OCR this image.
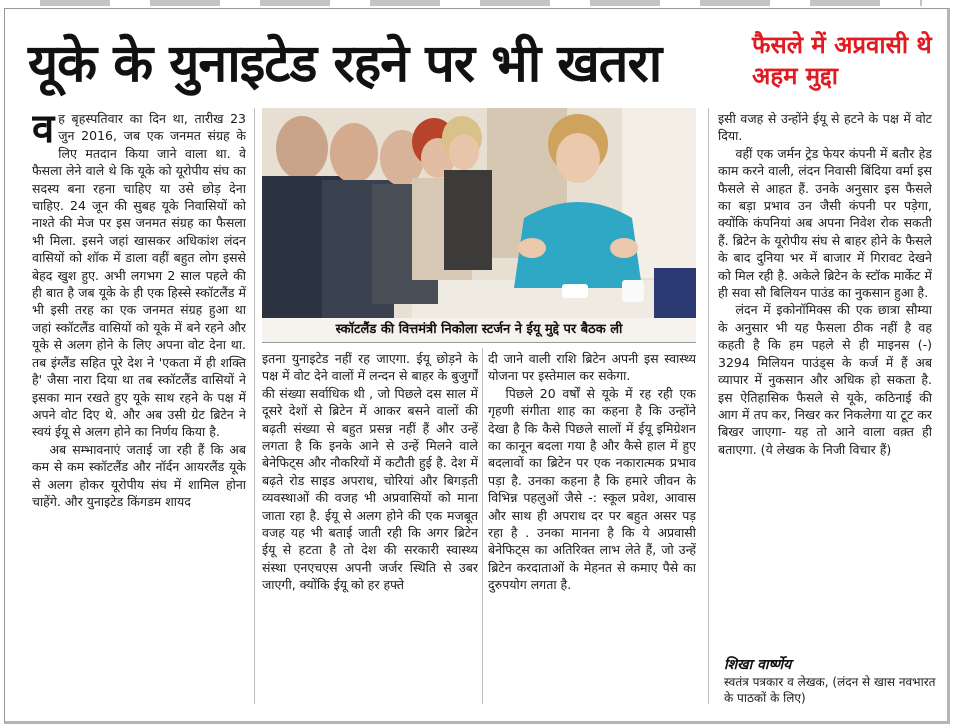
यूके के युनाइटेड रहने पर भी खतरा	फैसले में अप्रवासी थे अहम मुद्दा
स्कॉटलैंड की वित्तमंत्री निकोला स्टर्जन ने ईयू मुद्दे पर बैठक ली

वह बृहस्पतिवार का दिन था, तारीख 23 जुन 2016, जब एक जनमत संग्रह के लिए मतदान किया जाने वाला था. वे फैसला लेने वाले थे कि यूके को यूरोपीय संघ का सदस्य बना रहना चाहिए या उसे छोड़ देना चाहिए. 24 जून की सुबह यूके निवासियों को नाश्ते की मेज पर इस जनमत संग्रह का फैसला भी मिला. इसने जहां खासकर अधिकांश लंदन वासियों को शॉक में डाला वहीं बहुत लोग इससे बेहद खुश हुए. अभी लगभग 2 साल पहले की ही बात है जब यूके के ही एक हिस्से स्कॉटलैंड में भी इसी तरह का एक जनमत संग्रह हुआ था जहां स्कॉटलैंड वासियों को यूके में बने रहने और यूके से अलग होने के लिए अपना वोट देना था. तब इंग्लैंड सहित पूरे देश ने 'एकता में ही शक्ति है' जैसा नारा दिया था तब स्कॉटलैंड वासियों ने इसका मान रखते हुए यूके साथ रहने के पक्ष में अपने वोट दिए थे. और अब उसी ग्रेट ब्रिटेन ने स्वयं ईयू से अलग होने का निर्णय किया है.

अब सम्भावनाएं जताई जा रही हैं कि अब कम से कम स्कॉटलैंड और नॉर्दन आयरलैंड यूके से अलग होकर यूरोपीय संघ में शामिल होना चाहेंगे. और युनाइटेड किंगडम शायद

इतना युनाइटेड नहीं रह जाएगा. ईयू छोड़ने के पक्ष में वोट देने वालों में लन्दन से बाहर के बुजुर्गों की संख्या सर्वाधिक थी , जो पिछले दस साल में दूसरे देशों से ब्रिटेन में आकर बसने वालों की बढ़ती संख्या से बहुत प्रसन्न नहीं हैं और उन्हें लगता है कि इनके आने से उन्हें मिलने वाले बेनेफिट्स और नौकरियों में कटौती हुई है. देश में बढ़ते रोड साइड अपराध, चोरियां और बिगड़ती व्यवस्थाओं की वजह भी अप्रवासियों को माना जाता रहा है. ईयू से अलग होने की एक मजबूत वजह यह भी बताई जाती रही कि अगर ब्रिटेन ईयू से हटता है तो देश की सरकारी स्वास्थ्य संस्था एनएचएस अपनी जर्जर स्थिति से उबर जाएगी, क्योंकि ईयू को हर हफ्ते

दी जाने वाली राशि ब्रिटेन अपनी इस स्वास्थ्य योजना पर इस्तेमाल कर सकेगा.

पिछले 20 वर्षों से यूके में रह रही एक गृहणी संगीता शाह का कहना है कि उन्होंने देखा है कि कैसे पिछले सालों में ईयू इमिग्रेशन का कानून बदला गया है और कैसे हाल में हुए बदलावों का ब्रिटेन पर एक नकारात्मक प्रभाव पड़ा है. उनका कहना है कि हमारे जीवन के विभिन्न पहलुओं जैसे -: स्कूल प्रवेश, आवास और साथ ही अपराध दर पर बहुत असर पड़ रहा है . उनका मानना है कि ये अप्रवासी बेनेफिट्स का अतिरिक्त लाभ लेते हैं, जो उन्हें ब्रिटेन करदाताओं के मेहनत से कमाए पैसे का दुरुपयोग लगता है.

इसी वजह से उन्होंने ईयू से हटने के पक्ष में वोट दिया.

वहीं एक जर्मन ट्रेड फेयर कंपनी में बतौर हेड काम करने वाली, लंदन निवासी बिंदिया वर्मा इस फैसले से आहत हैं. उनके अनुसार इस फैसले का बड़ा प्रभाव उन जैसी कंपनी पर पड़ेगा, क्योंकि कंपनियां अब अपना निवेश रोक सकती हैं. ब्रिटेन के यूरोपीय संघ से बाहर होने के फैसले के बाद दुनिया भर में बाजार में गिरावट देखने को मिल रही है. अकेले ब्रिटेन के स्टॉक मार्केट में ही सवा सौ बिलियन पाउंड का नुकसान हुआ है.

लंदन में इकोनॉमिक्स की एक छात्रा सौम्या के अनुसार भी यह फैसला ठीक नहीं है वह कहती है कि हम पहले से ही माइनस (-) 3294 मिलियन पाउंड्स के कर्ज में हैं अब व्यापार में नुकसान और अधिक हो सकता है. इस ऐतिहासिक फैसले से यूके, कठिनाई की आग में तप कर, निखर कर निकलेगा या टूट कर बिखर जाएगा- यह तो आने वाला वक़्त ही बताएगा. (ये लेखक के निजी विचार हैं)

शिखा वार्ष्णेय
स्वतंत्र पत्रकार व लेखक, (लंदन से खास नवभारत के पाठकों के लिए)
